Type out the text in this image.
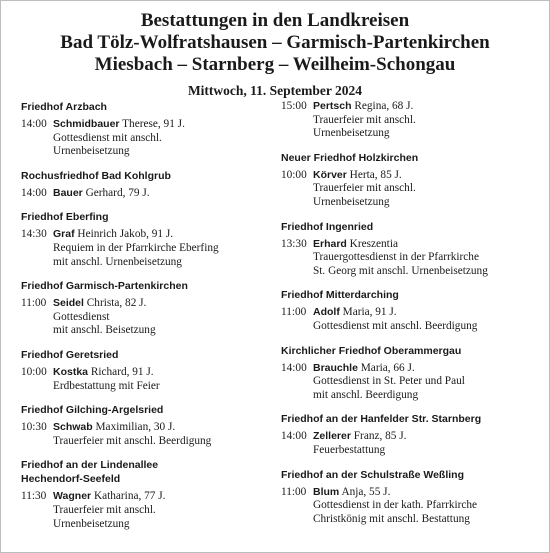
Bestattungen in den Landkreisen
Bad Tölz-Wolfratshausen – Garmisch-Partenkirchen
Miesbach – Starnberg – Weilheim-Schongau
Mittwoch, 11. September 2024
Friedhof Arzbach
14:00 Schmidbauer Therese, 91 J.
Gottesdienst mit anschl.
Urnenbeisetzung
Rochusfriedhof Bad Kohlgrub
14:00 Bauer Gerhard, 79 J.
Friedhof Eberfing
14:30 Graf Heinrich Jakob, 91 J.
Requiem in der Pfarrkirche Eberfing
mit anschl. Urnenbeisetzung
Friedhof Garmisch-Partenkirchen
11:00 Seidel Christa, 82 J.
Gottesdienst
mit anschl. Beisetzung
Friedhof Geretsried
10:00 Kostka Richard, 91 J.
Erdbestattung mit Feier
Friedhof Gilching-Argelsried
10:30 Schwab Maximilian, 30 J.
Trauerfeier mit anschl. Beerdigung
Friedhof an der Lindenallee
Hechendorf-Seefeld
11:30 Wagner Katharina, 77 J.
Trauerfeier mit anschl.
Urnenbeisetzung
15:00 Pertsch Regina, 68 J.
Trauerfeier mit anschl.
Urnenbeisetzung
Neuer Friedhof Holzkirchen
10:00 Körver Herta, 85 J.
Trauerfeier mit anschl.
Urnenbeisetzung
Friedhof Ingenried
13:30 Erhard Kreszentia
Trauergottesdienst in der Pfarrkirche
St. Georg mit anschl. Urnenbeisetzung
Friedhof Mitterdarching
11:00 Adolf Maria, 91 J.
Gottesdienst mit anschl. Beerdigung
Kirchlicher Friedhof Oberammergau
14:00 Brauchle Maria, 66 J.
Gottesdienst in St. Peter und Paul
mit anschl. Beerdigung
Friedhof an der Hanfelder Str. Starnberg
14:00 Zellerer Franz, 85 J.
Feuerbestattung
Friedhof an der Schulstraße Weßling
11:00 Blum Anja, 55 J.
Gottesdienst in der kath. Pfarrkirche
Christkönig mit anschl. Bestattung
